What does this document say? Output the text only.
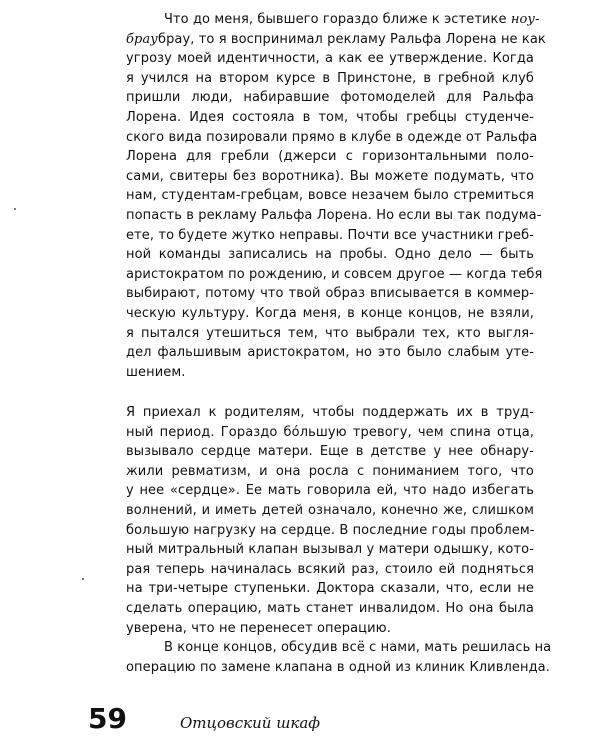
Что до меня, бывшего гораздо ближе к эстетике ноу-
браубрау, то я воспринимал рекламу Ральфа Лорена не как
угрозу моей идентичности, а как ее утверждение. Когда
я учился на втором курсе в Принстоне, в гребной клуб
пришли люди, набиравшие фотомоделей для Ральфа
Лорена. Идея состояла в том, чтобы гребцы студенче-
ского вида позировали прямо в клубе в одежде от Ральфа
Лорена для гребли (джерси с горизонтальными поло-
сами, свитеры без воротника). Вы можете подумать, что
нам, студентам-гребцам, вовсе незачем было стремиться
попасть в рекламу Ральфа Лорена. Но если вы так подума-
ете, то будете жутко неправы. Почти все участники греб-
ной команды записались на пробы. Одно дело — быть
аристократом по рождению, и совсем другое — когда тебя
выбирают, потому что твой образ вписывается в коммер-
ческую культуру. Когда меня, в конце концов, не взяли,
я пытался утешиться тем, что выбрали тех, кто выгля-
дел фальшивым аристократом, но это было слабым уте-
шением.
Я приехал к родителям, чтобы поддержать их в труд-
ный период. Гораздо бóльшую тревогу, чем спина отца,
вызывало сердце матери. Еще в детстве у нее обнару-
жили ревматизм, и она росла с пониманием того, что
у нее «сердце». Ее мать говорила ей, что надо избегать
волнений, и иметь детей означало, конечно же, слишком
большую нагрузку на сердце. В последние годы проблем-
ный митральный клапан вызывал у матери одышку, кото-
рая теперь начиналась всякий раз, стоило ей подняться
на три-четыре ступеньки. Доктора сказали, что, если не
сделать операцию, мать станет инвалидом. Но она была
уверена, что не перенесет операцию.
В конце концов, обсудив всё с нами, мать решилась на
операцию по замене клапана в одной из клиник Кливленда.
59	Отцовский шкаф
